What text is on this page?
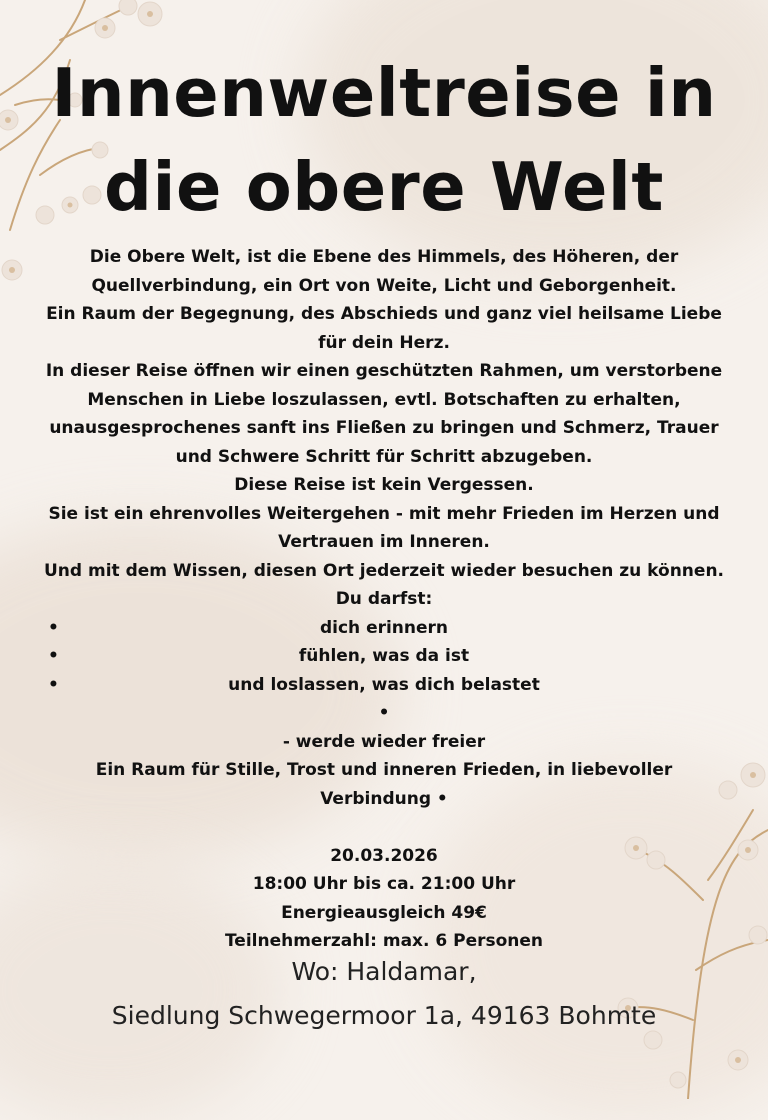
Innenweltreise in
die obere Welt

Die Obere Welt, ist die Ebene des Himmels, des Höheren, der

Quellverbindung, ein Ort von Weite, Licht und Geborgenheit.

Ein Raum der Begegnung, des Abschieds und ganz viel heilsame Liebe

für dein Herz.

In dieser Reise öffnen wir einen geschützten Rahmen, um verstorbene

Menschen in Liebe loszulassen, evtl. Botschaften zu erhalten,

unausgesprochenes sanft ins Fließen zu bringen und Schmerz, Trauer

und Schwere Schritt für Schritt abzugeben.

Diese Reise ist kein Vergessen.

Sie ist ein ehrenvolles Weitergehen - mit mehr Frieden im Herzen und

Vertrauen im Inneren.

Und mit dem Wissen, diesen Ort jederzeit wieder besuchen zu können.

Du darfst:

•	dich erinnern
•	fühlen, was da ist
•	und loslassen, was dich belastet

•

- werde wieder freier

Ein Raum für Stille, Trost und inneren Frieden, in liebevoller

Verbindung •

20.03.2026

18:00 Uhr bis ca. 21:00 Uhr

Energieausgleich 49€

Teilnehmerzahl: max. 6 Personen

Wo: Haldamar,

Siedlung Schwegermoor 1a, 49163 Bohmte
